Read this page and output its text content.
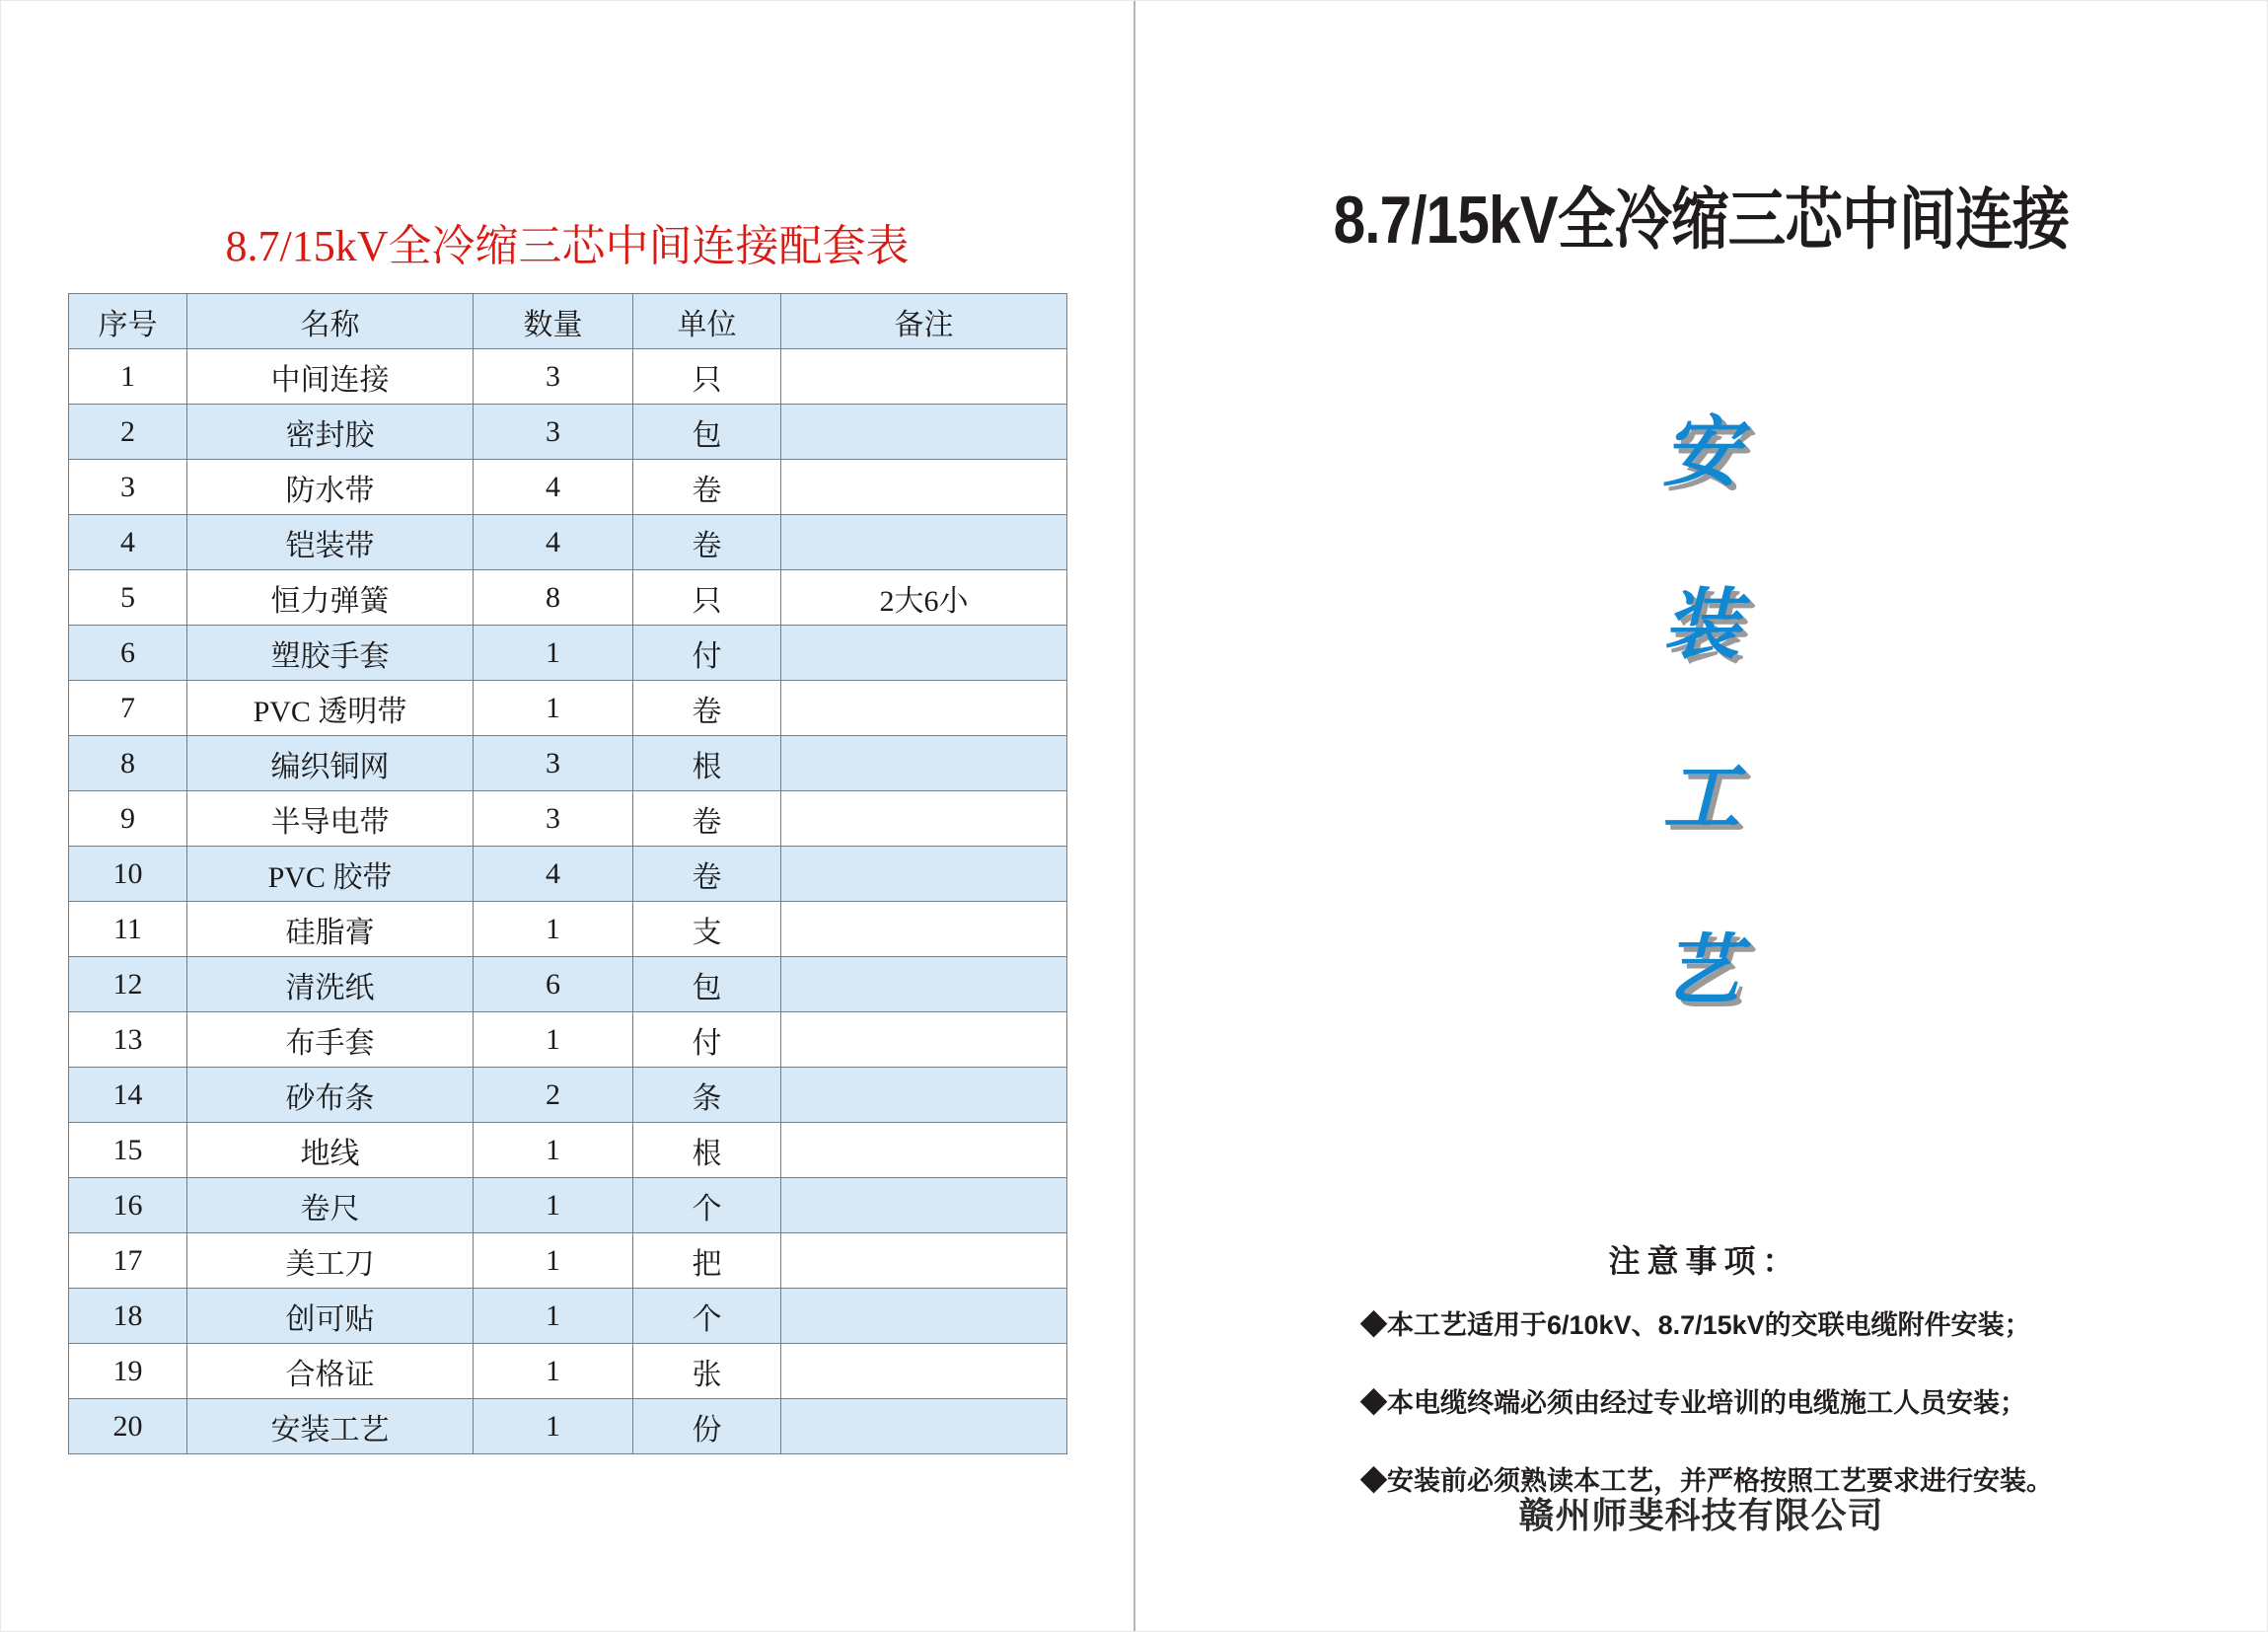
8.7/15kV全冷缩三芯中间连接配套表
序号	名称	数量	单位	备注
1	中间连接	3	只	
2	密封胶	3	包	
3	防水带	4	卷	
4	铠装带	4	卷	
5	恒力弹簧	8	只	2大6小
6	塑胶手套	1	付	
7	PVC 透明带	1	卷	
8	编织铜网	3	根	
9	半导电带	3	卷	
10	PVC 胶带	4	卷	
11	硅脂膏	1	支	
12	清洗纸	6	包	
13	布手套	1	付	
14	砂布条	2	条	
15	地线	1	根	
16	卷尺	1	个	
17	美工刀	1	把	
18	创可贴	1	个	
19	合格证	1	张	
20	安装工艺	1	份	
8.7/15kV全冷缩三芯中间连接
安
装
工
艺
注意事项：
◆本工艺适用于6/10kV、8.7/15kV的交联电缆附件安装；
◆本电缆终端必须由经过专业培训的电缆施工人员安装；
◆安装前必须熟读本工艺，并严格按照工艺要求进行安装。
赣州师斐科技有限公司
